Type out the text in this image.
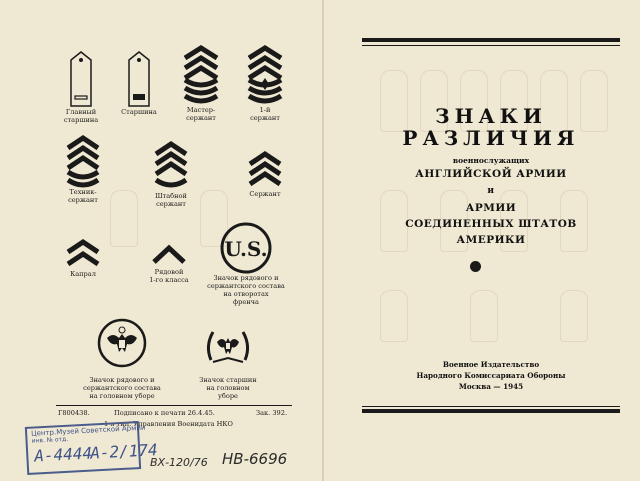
Главный
старшина
Старшина	Мастер-
сержант
1-й
сержант
Техник-
сержант	Штабной
сержант
Сержант
Капрал	Рядовой
1-го класса
U.S.
Значок рядового и
сержантского состава
на отворотах
френча
Значок рядового и
сержантского состава
на головном уборе
Значок старшин
на головном
уборе
Г800438.	Подписано к печати 26.4.45.	Зак. 392.
1-я тип. Управления Военидата НКО
Центр.Музей Советской Армии
инв. № отд.
А-4444
А-2/174
ВХ-120/76 НВ-6696
ЗНАКИ
РАЗЛИЧИЯ
военнослужащих
АНГЛИЙСКОЙ АРМИИ
и
АРМИИ
СОЕДИНЕННЫХ ШТАТОВ
АМЕРИКИ
Военное Издательство
Народного Комиссариата Обороны
Москва — 1945
